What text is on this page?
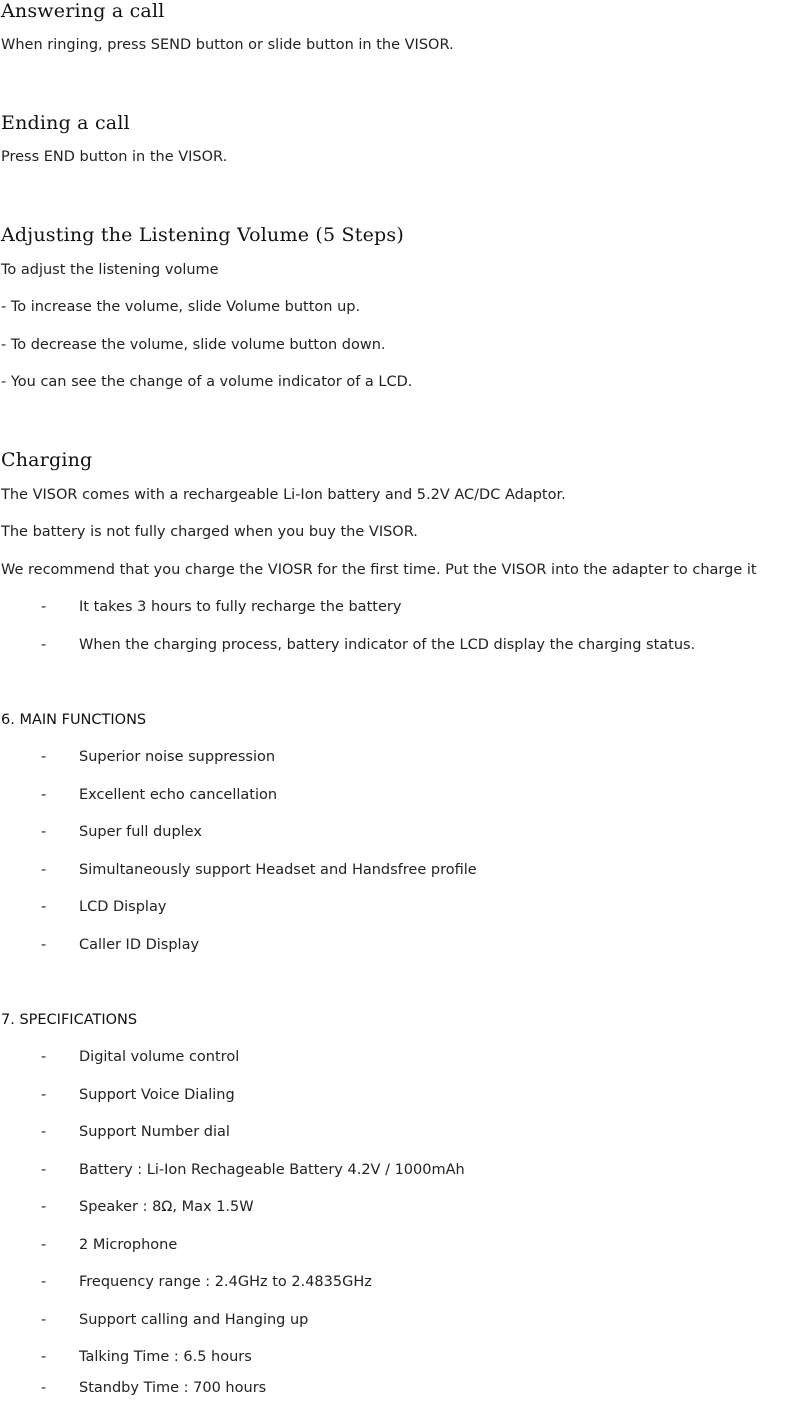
Answering a call

When ringing, press SEND button or slide button in the VISOR.

Ending a call

Press END button in the VISOR.

Adjusting the Listening Volume (5 Steps)

To adjust the listening volume

- To increase the volume, slide Volume button up.

- To decrease the volume, slide volume button down.

- You can see the change of a volume indicator of a LCD.

Charging

The VISOR comes with a rechargeable Li-Ion battery and 5.2V AC/DC Adaptor.

The battery is not fully charged when you buy the VISOR.

We recommend that you charge the VIOSR for the first time. Put the VISOR into the adapter to charge it

- It takes 3 hours to fully recharge the battery
- When the charging process, battery indicator of the LCD display the charging status.
6. MAIN FUNCTIONS
- Superior noise suppression
- Excellent echo cancellation
- Super full duplex
- Simultaneously support Headset and Handsfree profile
- LCD Display
- Caller ID Display
7. SPECIFICATIONS
- Digital volume control
- Support Voice Dialing
- Support Number dial
- Battery : Li-Ion Rechageable Battery 4.2V / 1000mAh
- Speaker : 8Ω, Max 1.5W
- 2 Microphone
- Frequency range : 2.4GHz to 2.4835GHz
- Support calling and Hanging up
- Talking Time : 6.5 hours
- Standby Time : 700 hours
